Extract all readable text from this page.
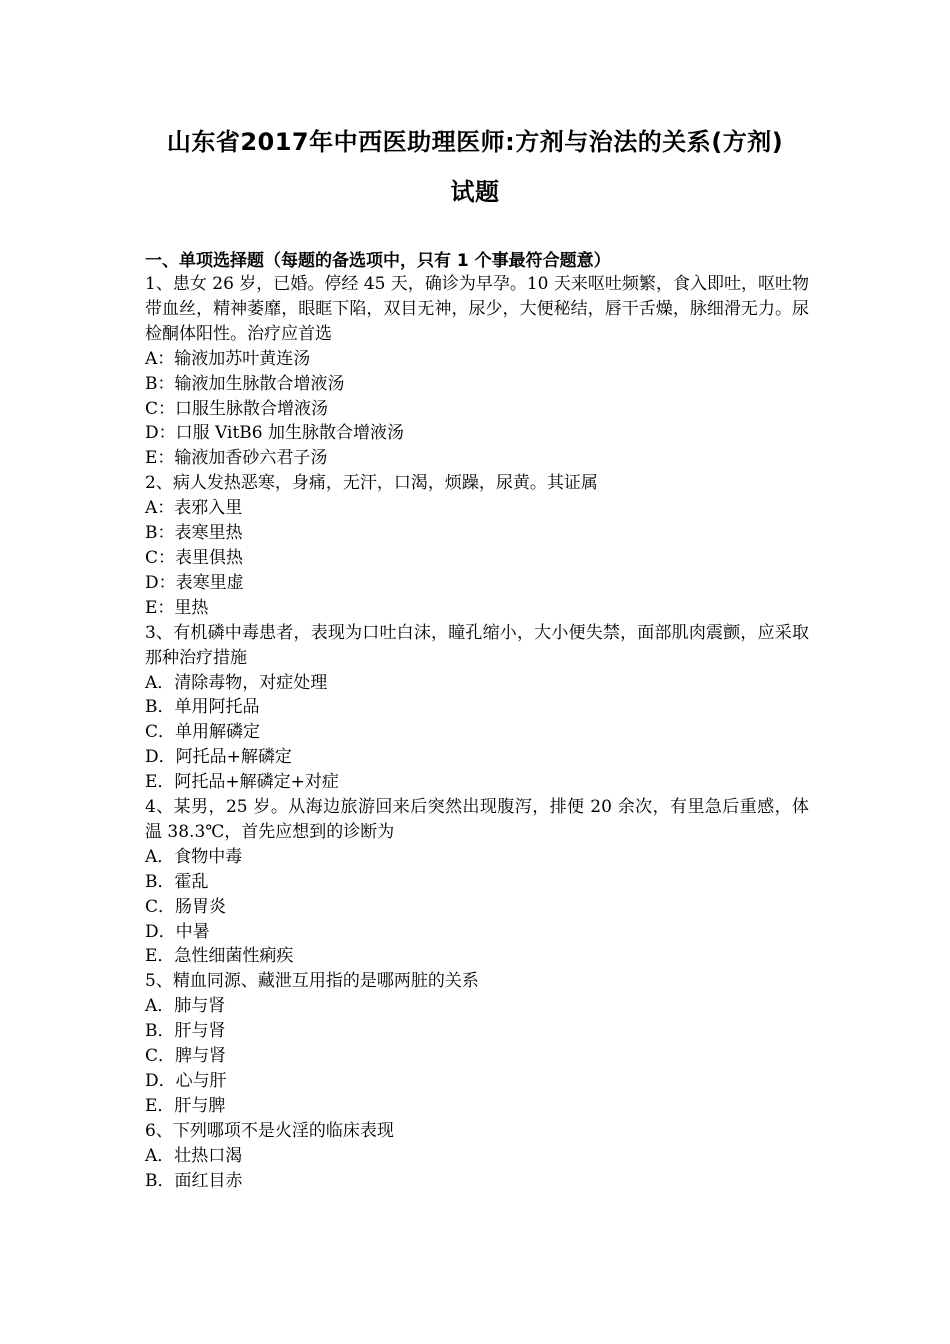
山东省2017年中西医助理医师:方剂与治法的关系(方剂)
试题
一、单项选择题（每题的备选项中，只有 1 个事最符合题意）
1、患女 26 岁，已婚。停经 45 天，确诊为早孕。10 天来呕吐频繁，食入即吐，呕吐物带血丝，精神萎靡，眼眶下陷，双目无神，尿少，大便秘结，唇干舌燥，脉细滑无力。尿检酮体阳性。治疗应首选
A：输液加苏叶黄连汤
B：输液加生脉散合增液汤
C：口服生脉散合增液汤
D：口服 VitB6 加生脉散合增液汤
E：输液加香砂六君子汤
2、病人发热恶寒，身痛，无汗，口渴，烦躁，尿黄。其证属
A：表邪入里
B：表寒里热
C：表里俱热
D：表寒里虚
E：里热
3、有机磷中毒患者，表现为口吐白沫，瞳孔缩小，大小便失禁，面部肌肉震颤，应采取那种治疗措施
A．清除毒物，对症处理
B．单用阿托品
C．单用解磷定
D．阿托品+解磷定
E．阿托品+解磷定+对症
4、某男，25 岁。从海边旅游回来后突然出现腹泻，排便 20 余次，有里急后重感，体温 38.3℃，首先应想到的诊断为
A．食物中毒
B．霍乱
C．肠胃炎
D．中暑
E．急性细菌性痢疾
5、精血同源、藏泄互用指的是哪两脏的关系
A．肺与肾
B．肝与肾
C．脾与肾
D．心与肝
E．肝与脾
6、下列哪项不是火淫的临床表现
A．壮热口渴
B．面红目赤
